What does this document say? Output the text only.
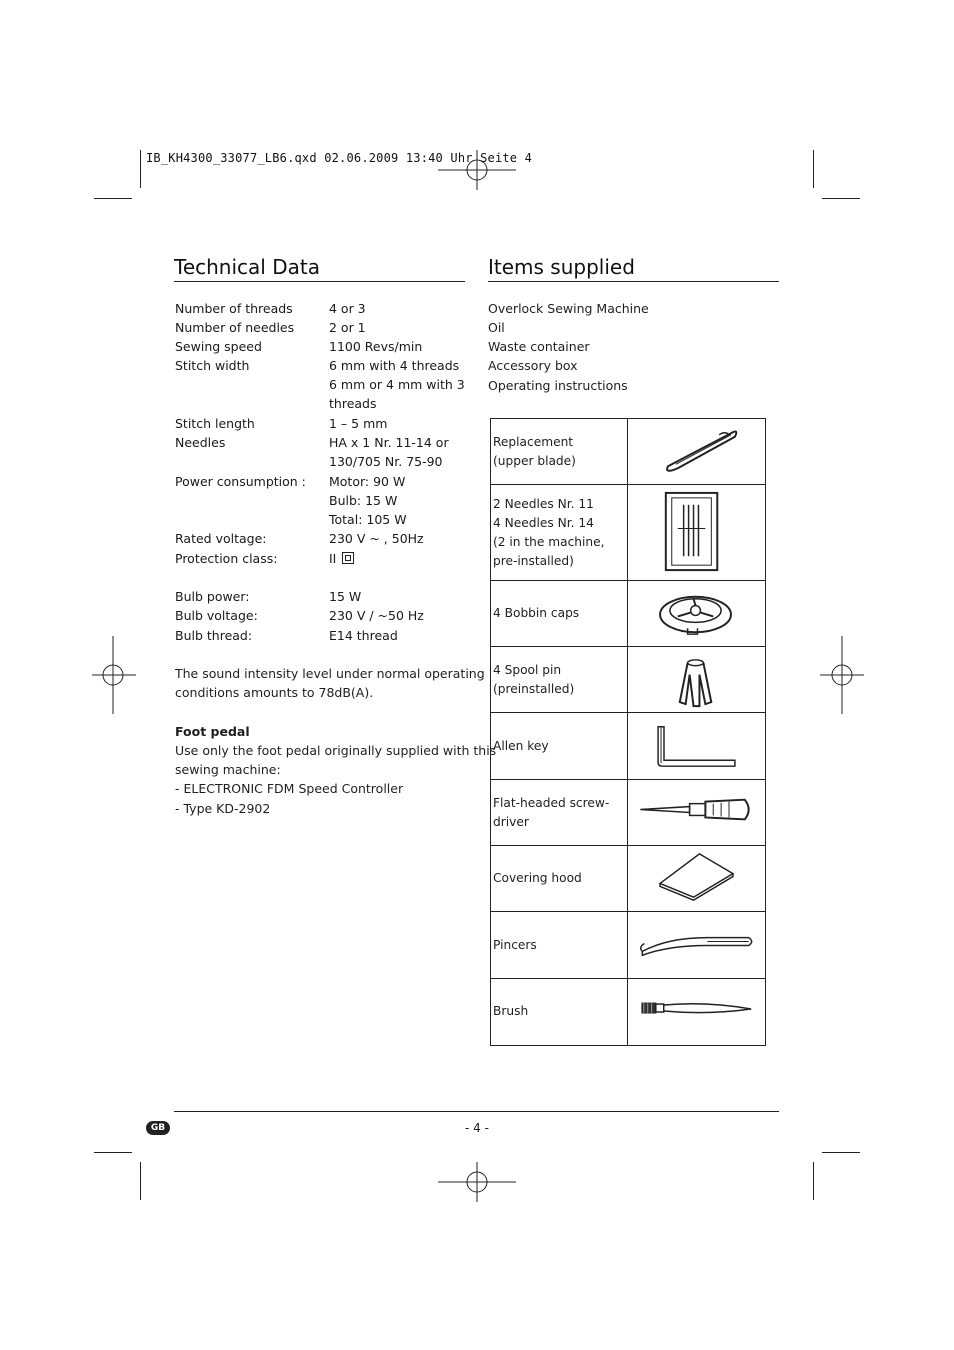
IB_KH4300_33077_LB6.qxd 02.06.2009 13:40 Uhr Seite 4
Technical Data
Number of threads	4 or 3
Number of needles	2 or 1
Sewing speed	1100 Revs/min
Stitch width	6 mm with 4 threads
6 mm or 4 mm with 3
threads
Stitch length	1 – 5 mm
Needles	HA x 1 Nr. 11-14 or
130/705 Nr. 75-90
Power consumption : Motor: 90 W
Bulb: 15 W
Total: 105 W
Rated voltage:	230 V ~ , 50Hz
Protection class:	II
Bulb power:	15 W
Bulb voltage:	230 V / ~50 Hz
Bulb thread:	E14 thread
The sound intensity level under normal operating
conditions amounts to 78dB(A).
Foot pedal
Use only the foot pedal originally supplied with this
sewing machine:
- ELECTRONIC FDM Speed Controller
- Type KD-2902
Items supplied
Overlock Sewing Machine
Oil
Waste container
Accessory box
Operating instructions
Replacement
(upper blade)
2 Needles Nr. 11
4 Needles Nr. 14
(2 in the machine,
pre-installed)
4 Bobbin caps
4 Spool pin
(preinstalled)
Allen key
Flat-headed screw-
driver
Covering hood
Pincers
Brush
GB	- 4 -
